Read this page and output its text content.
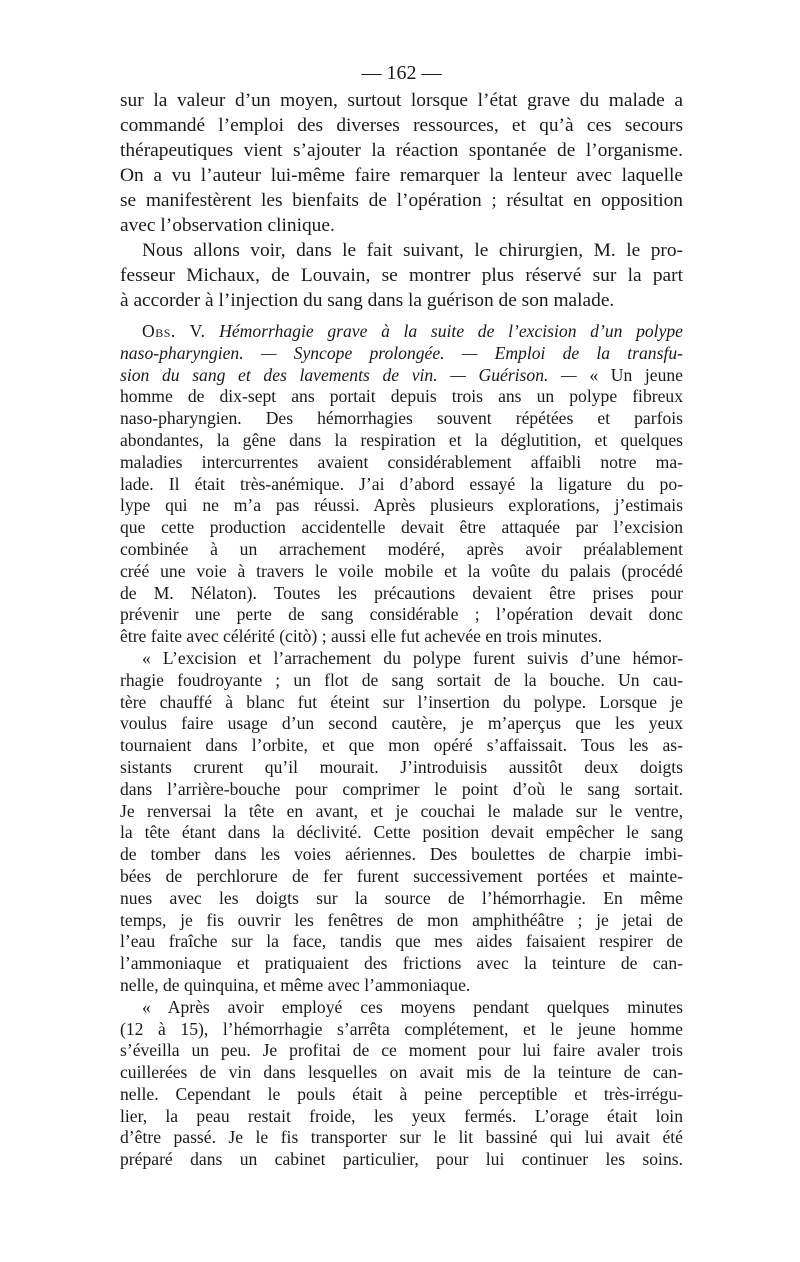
— 162 —
sur la valeur d’un moyen, surtout lorsque l’état grave du malade a
commandé l’emploi des diverses ressources, et qu’à ces secours
thérapeutiques vient s’ajouter la réaction spontanée de l’organisme.
On a vu l’auteur lui-même faire remarquer la lenteur avec laquelle
se manifestèrent les bienfaits de l’opération ; résultat en opposition
avec l’observation clinique.
Nous allons voir, dans le fait suivant, le chirurgien, M. le pro-
fesseur Michaux, de Louvain, se montrer plus réservé sur la part
à accorder à l’injection du sang dans la guérison de son malade.
Obs. V. Hémorrhagie grave à la suite de l’excision d’un polype
naso-pharyngien. — Syncope prolongée. — Emploi de la transfu-
sion du sang et des lavements de vin. — Guérison. — « Un jeune
homme de dix-sept ans portait depuis trois ans un polype fibreux
naso-pharyngien. Des hémorrhagies souvent répétées et parfois
abondantes, la gêne dans la respiration et la déglutition, et quelques
maladies intercurrentes avaient considérablement affaibli notre ma-
lade. Il était très-anémique. J’ai d’abord essayé la ligature du po-
lype qui ne m’a pas réussi. Après plusieurs explorations, j’estimais
que cette production accidentelle devait être attaquée par l’excision
combinée à un arrachement modéré, après avoir préalablement
créé une voie à travers le voile mobile et la voûte du palais (procédé
de M. Nélaton). Toutes les précautions devaient être prises pour
prévenir une perte de sang considérable ; l’opération devait donc
être faite avec célérité (citò) ; aussi elle fut achevée en trois minutes.
« L’excision et l’arrachement du polype furent suivis d’une hémor-
rhagie foudroyante ; un flot de sang sortait de la bouche. Un cau-
tère chauffé à blanc fut éteint sur l’insertion du polype. Lorsque je
voulus faire usage d’un second cautère, je m’aperçus que les yeux
tournaient dans l’orbite, et que mon opéré s’affaissait. Tous les as-
sistants crurent qu’il mourait. J’introduisis aussitôt deux doigts
dans l’arrière-bouche pour comprimer le point d’où le sang sortait.
Je renversai la tête en avant, et je couchai le malade sur le ventre,
la tête étant dans la déclivité. Cette position devait empêcher le sang
de tomber dans les voies aériennes. Des boulettes de charpie imbi-
bées de perchlorure de fer furent successivement portées et mainte-
nues avec les doigts sur la source de l’hémorrhagie. En même
temps, je fis ouvrir les fenêtres de mon amphithéâtre ; je jetai de
l’eau fraîche sur la face, tandis que mes aides faisaient respirer de
l’ammoniaque et pratiquaient des frictions avec la teinture de can-
nelle, de quinquina, et même avec l’ammoniaque.
« Après avoir employé ces moyens pendant quelques minutes
(12 à 15), l’hémorrhagie s’arrêta complétement, et le jeune homme
s’éveilla un peu. Je profitai de ce moment pour lui faire avaler trois
cuillerées de vin dans lesquelles on avait mis de la teinture de can-
nelle. Cependant le pouls était à peine perceptible et très-irrégu-
lier, la peau restait froide, les yeux fermés. L’orage était loin
d’être passé. Je le fis transporter sur le lit bassiné qui lui avait été
préparé dans un cabinet particulier, pour lui continuer les soins.
